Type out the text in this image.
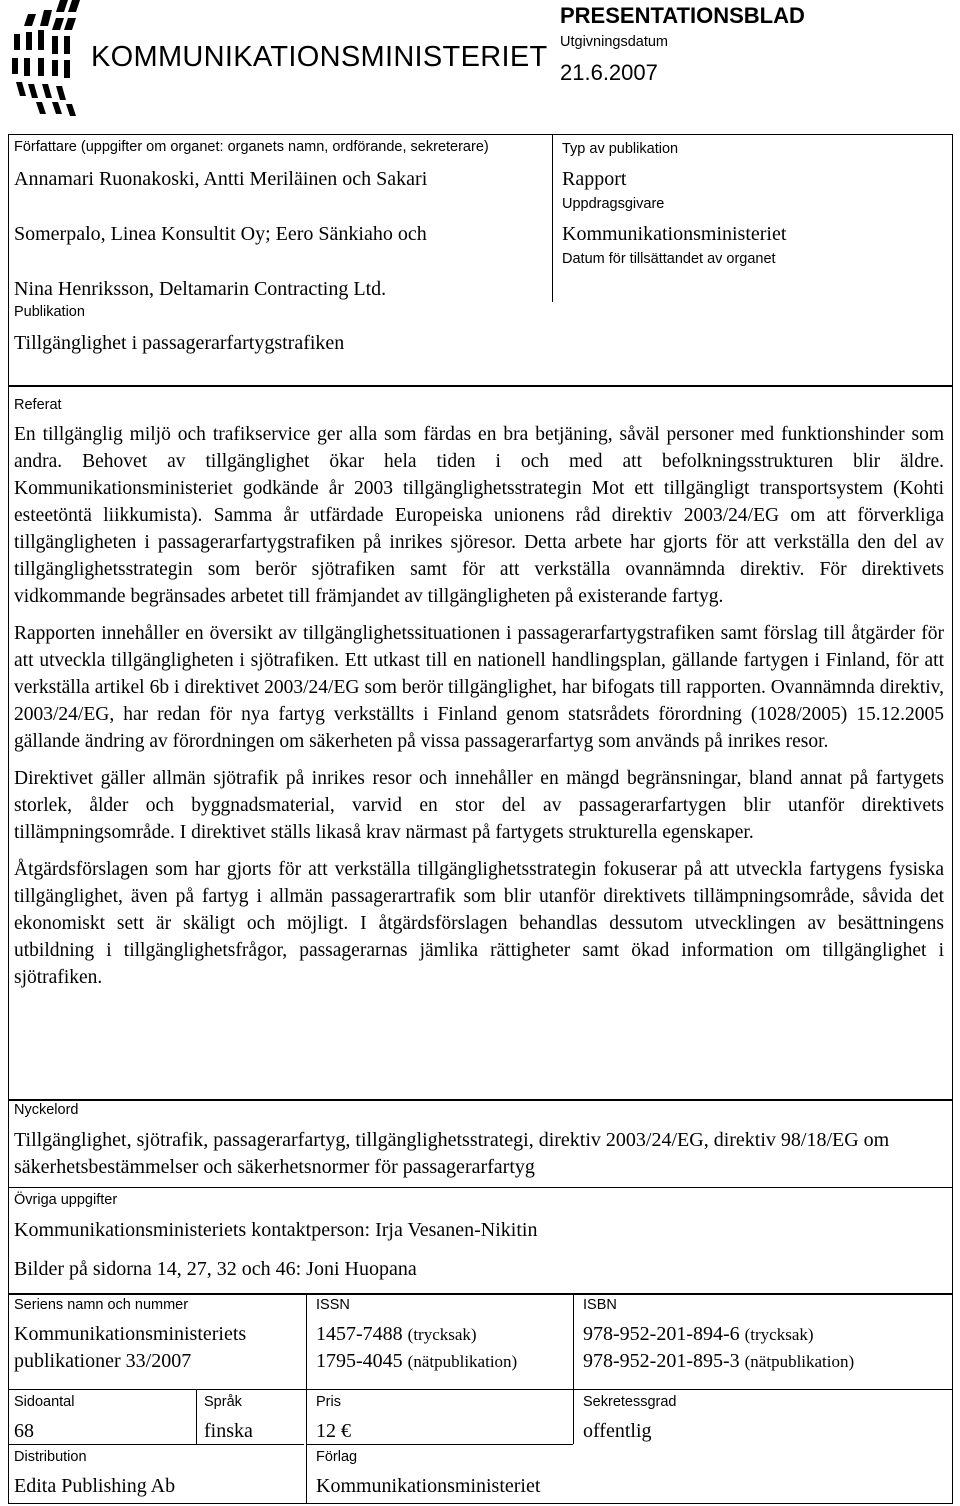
KOMMUNIKATIONSMINISTERIET
PRESENTATIONSBLAD
Utgivningsdatum
21.6.2007
Författare (uppgifter om organet: organets namn, ordförande, sekreterare)
Annamari Ruonakoski, Antti Meriläinen och Sakari
Somerpalo, Linea Konsultit Oy; Eero Sänkiaho och
Nina Henriksson, Deltamarin Contracting Ltd.
Publikation
Tillgänglighet i passagerarfartygstrafiken
Typ av publikation
Rapport
Uppdragsgivare
Kommunikationsministeriet
Datum för tillsättandet av organet
Referat

En tillgänglig miljö och trafikservice ger alla som färdas en bra betjäning, såväl personer med funktionshinder som andra. Behovet av tillgänglighet ökar hela tiden i och med att befolkningsstrukturen blir äldre. Kommunikationsministeriet godkände år 2003 tillgänglighetsstrategin Mot ett tillgängligt transportsystem (Kohti esteetöntä liikkumista). Samma år utfärdade Europeiska unionens råd direktiv 2003/24/EG om att förverkliga tillgängligheten i passagerarfartygstrafiken på inrikes sjöresor. Detta arbete har gjorts för att verkställa den del av tillgänglighetsstrategin som berör sjötrafiken samt för att verkställa ovannämnda direktiv. För direktivets vidkommande begränsades arbetet till främjandet av tillgängligheten på existerande fartyg.

Rapporten innehåller en översikt av tillgänglighetssituationen i passagerarfartygstrafiken samt förslag till åtgärder för att utveckla tillgängligheten i sjötrafiken. Ett utkast till en nationell handlingsplan, gällande fartygen i Finland, för att verkställa artikel 6b i direktivet 2003/24/EG som berör tillgänglighet, har bifogats till rapporten. Ovannämnda direktiv, 2003/24/EG, har redan för nya fartyg verkställts i Finland genom statsrådets förordning (1028/2005) 15.12.2005 gällande ändring av förordningen om säkerheten på vissa passagerarfartyg som används på inrikes resor.

Direktivet gäller allmän sjötrafik på inrikes resor och innehåller en mängd begränsningar, bland annat på fartygets storlek, ålder och byggnadsmaterial, varvid en stor del av passagerarfartygen blir utanför direktivets tillämpningsområde. I direktivet ställs likaså krav närmast på fartygets strukturella egenskaper.

Åtgärdsförslagen som har gjorts för att verkställa tillgänglighetsstrategin fokuserar på att utveckla fartygens fysiska tillgänglighet, även på fartyg i allmän passagerartrafik som blir utanför direktivets tillämpningsområde, såvida det ekonomiskt sett är skäligt och möjligt. I åtgärdsförslagen behandlas dessutom utvecklingen av besättningens utbildning i tillgänglighetsfrågor, passagerarnas jämlika rättigheter samt ökad information om tillgänglighet i sjötrafiken.

Nyckelord
Tillgänglighet, sjötrafik, passagerarfartyg, tillgänglighetsstrategi, direktiv 2003/24/EG, direktiv 98/18/EG om säkerhetsbestämmelser och säkerhetsnormer för passagerarfartyg
Övriga uppgifter
Kommunikationsministeriets kontaktperson: Irja Vesanen-Nikitin
Bilder på sidorna 14, 27, 32 och 46: Joni Huopana
Seriens namn och nummer
Kommunikationsministeriets
publikationer 33/2007
ISSN
1457-7488 (trycksak)
1795-4045 (nätpublikation)
ISBN
978-952-201-894-6 (trycksak)
978-952-201-895-3 (nätpublikation)
Sidoantal
68
Språk
finska
Pris
12 €
Sekretessgrad
offentlig
Distribution
Edita Publishing Ab
Förlag
Kommunikationsministeriet
